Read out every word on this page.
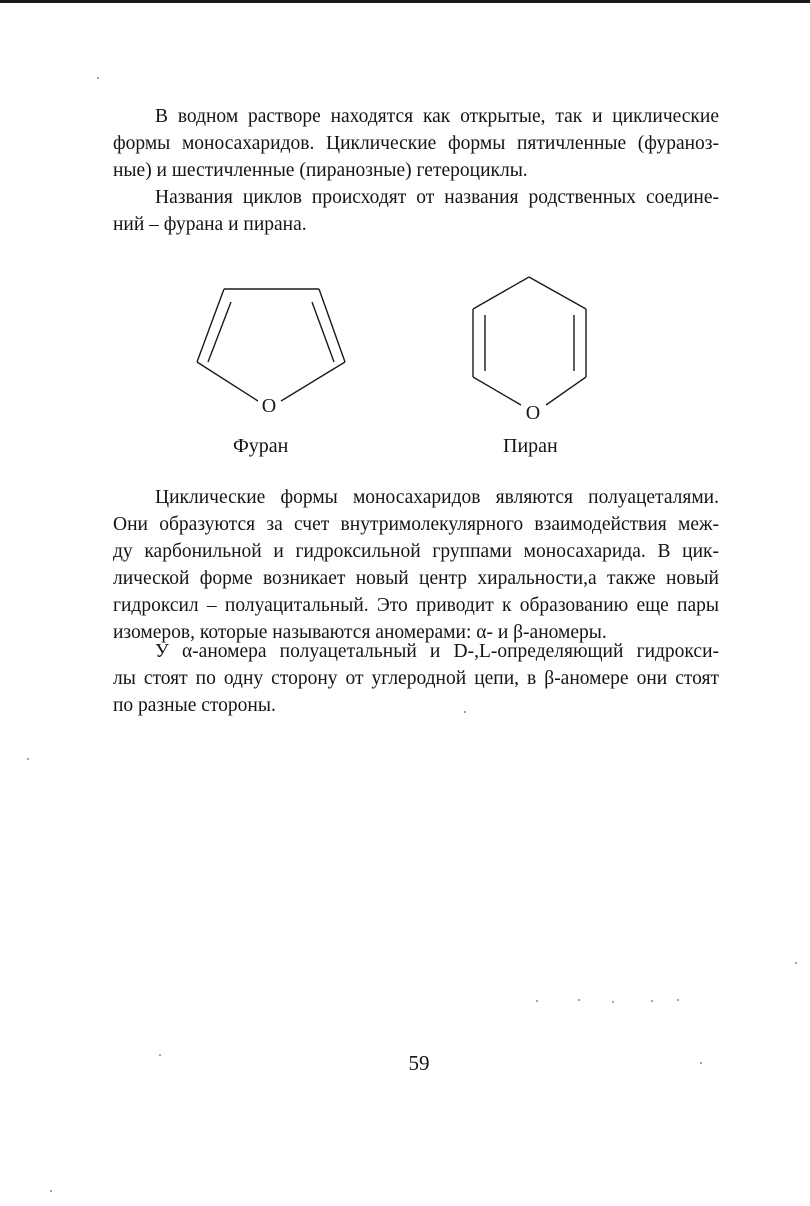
В водном растворе находятся как открытые, так и циклические
формы моносахаридов. Циклические формы пятичленные (фураноз-
ные) и шестичленные (пиранозные) гетероциклы.
Названия циклов происходят от названия родственных соедине-
ний – фурана и пирана.
O	O
Фуран	Пиран
Циклические формы моносахаридов являются полуацеталями.
Они образуются за счет внутримолекулярного взаимодействия меж-
ду карбонильной и гидроксильной группами моносахарида. В цик-
лической форме возникает новый центр хиральности,а также новый
гидроксил – полуацитальный. Это приводит к образованию еще пары
изомеров, которые называются аномерами: α- и β-аномеры.
У α-аномера полуацетальный и D-,L-определяющий гидрокси-
лы стоят по одну сторону от углеродной цепи, в β-аномере они стоят
по разные стороны.
59
